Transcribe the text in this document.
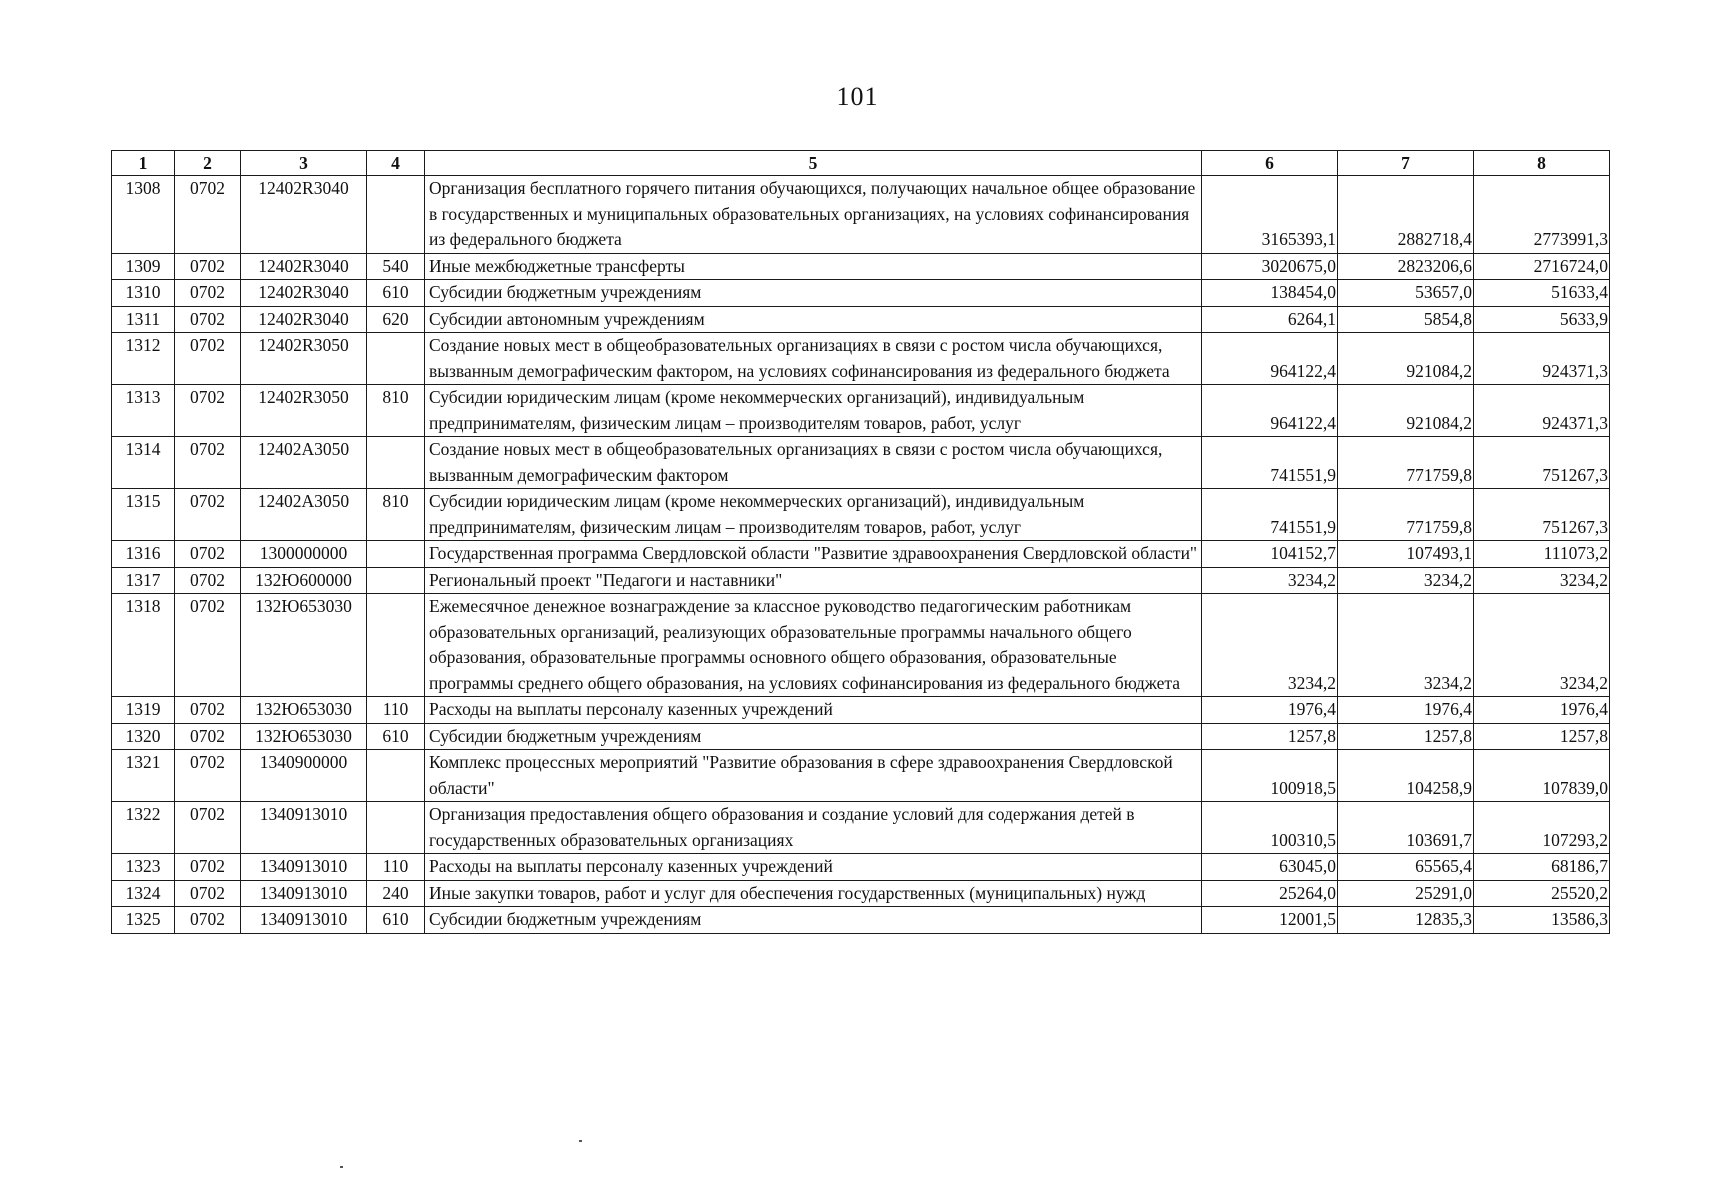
101
1	2	3	4	5	6	7	8
1308	0702	12402R3040		Организация бесплатного горячего питания обучающихся, получающих начальное общее образование в государственных и муниципальных образовательных организациях, на условиях софинансирования из федерального бюджета	3165393,1	2882718,4	2773991,3
1309	0702	12402R3040	540	Иные межбюджетные трансферты	3020675,0	2823206,6	2716724,0
1310	0702	12402R3040	610	Субсидии бюджетным учреждениям	138454,0	53657,0	51633,4
1311	0702	12402R3040	620	Субсидии автономным учреждениям	6264,1	5854,8	5633,9
1312	0702	12402R3050		Создание новых мест в общеобразовательных организациях в связи с ростом числа обучающихся, вызванным демографическим фактором, на условиях софинансирования из федерального бюджета	964122,4	921084,2	924371,3
1313	0702	12402R3050	810	Субсидии юридическим лицам (кроме некоммерческих организаций), индивидуальным предпринимателям, физическим лицам – производителям товаров, работ, услуг	964122,4	921084,2	924371,3
1314	0702	12402А3050		Создание новых мест в общеобразовательных организациях в связи с ростом числа обучающихся, вызванным демографическим фактором	741551,9	771759,8	751267,3
1315	0702	12402А3050	810	Субсидии юридическим лицам (кроме некоммерческих организаций), индивидуальным предпринимателям, физическим лицам – производителям товаров, работ, услуг	741551,9	771759,8	751267,3
1316	0702	1300000000		Государственная программа Свердловской области "Развитие здравоохранения Свердловской области"	104152,7	107493,1	111073,2
1317	0702	132Ю600000		Региональный проект "Педагоги и наставники"	3234,2	3234,2	3234,2
1318	0702	132Ю653030		Ежемесячное денежное вознаграждение за классное руководство педагогическим работникам образовательных организаций, реализующих образовательные программы начального общего образования, образовательные программы основного общего образования, образовательные программы среднего общего образования, на условиях софинансирования из федерального бюджета	3234,2	3234,2	3234,2
1319	0702	132Ю653030	110	Расходы на выплаты персоналу казенных учреждений	1976,4	1976,4	1976,4
1320	0702	132Ю653030	610	Субсидии бюджетным учреждениям	1257,8	1257,8	1257,8
1321	0702	1340900000		Комплекс процессных мероприятий "Развитие образования в сфере здравоохранения Свердловской области"	100918,5	104258,9	107839,0
1322	0702	1340913010		Организация предоставления общего образования и создание условий для содержания детей в государственных образовательных организациях	100310,5	103691,7	107293,2
1323	0702	1340913010	110	Расходы на выплаты персоналу казенных учреждений	63045,0	65565,4	68186,7
1324	0702	1340913010	240	Иные закупки товаров, работ и услуг для обеспечения государственных (муниципальных) нужд	25264,0	25291,0	25520,2
1325	0702	1340913010	610	Субсидии бюджетным учреждениям	12001,5	12835,3	13586,3
